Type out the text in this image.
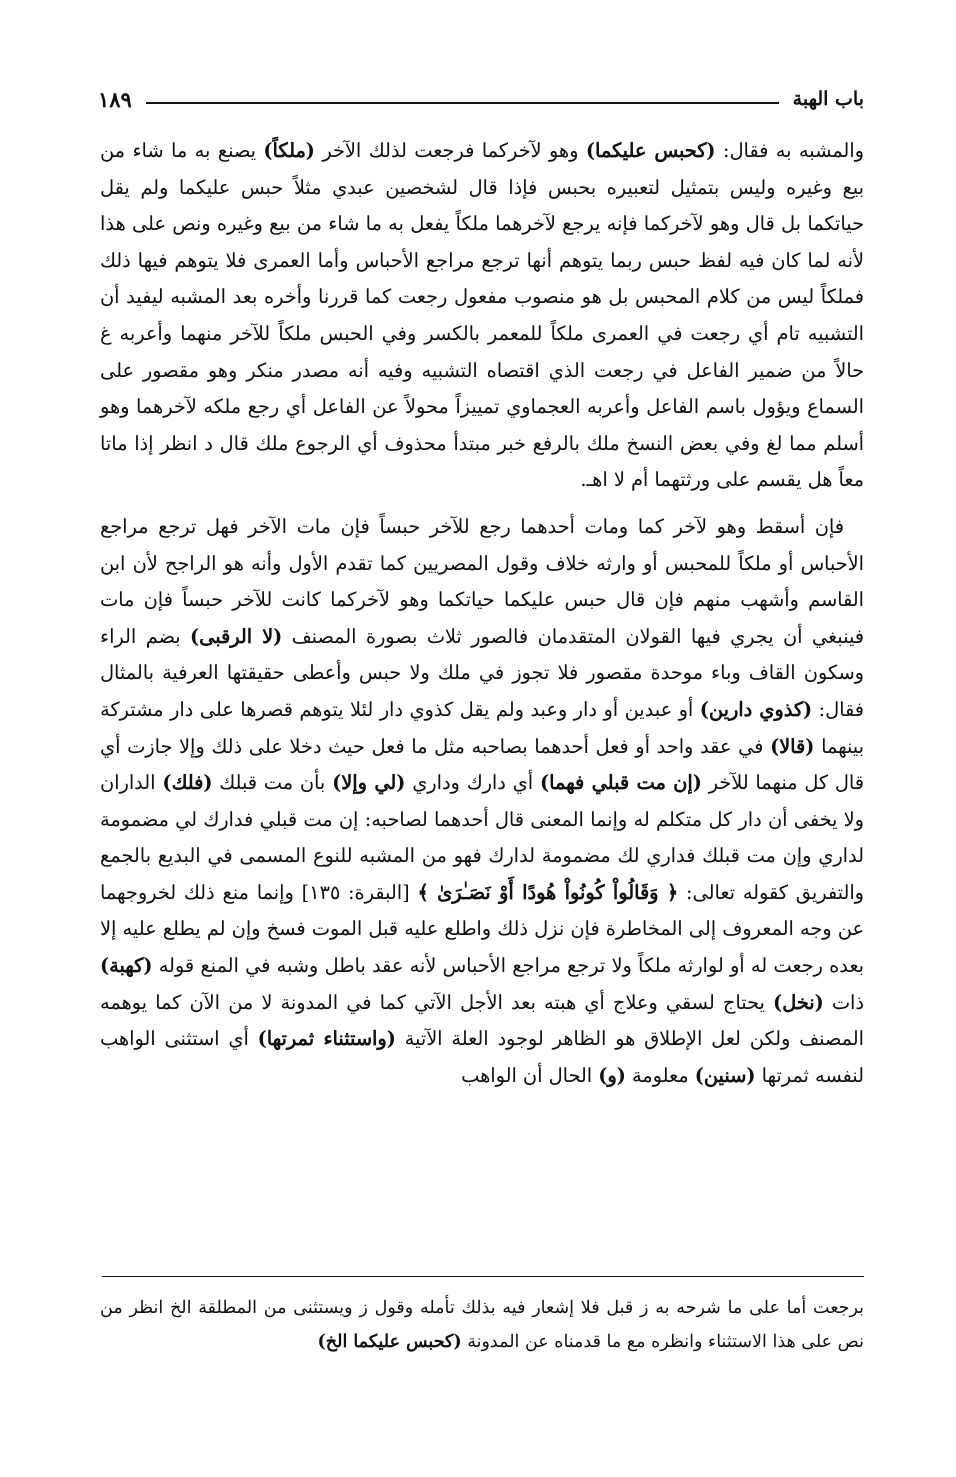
باب الهبة
١٨٩

والمشبه به فقال: (كحبس عليكما) وهو لآخركما فرجعت لذلك الآخر (ملكاً) يصنع به ما شاء من بيع وغيره وليس بتمثيل لتعبيره بحبس فإذا قال لشخصين عبدي مثلاً حبس عليكما ولم يقل حياتكما بل قال وهو لآخركما فإنه يرجع لآخرهما ملكاً يفعل به ما شاء من بيع وغيره ونص على هذا لأنه لما كان فيه لفظ حبس ربما يتوهم أنها ترجع مراجع الأحباس وأما العمرى فلا يتوهم فيها ذلك فملكاً ليس من كلام المحبس بل هو منصوب مفعول رجعت كما قررنا وأخره بعد المشبه ليفيد أن التشبيه تام أي رجعت في العمرى ملكاً للمعمر بالكسر وفي الحبس ملكاً للآخر منهما وأعربه غ حالاً من ضمير الفاعل في رجعت الذي اقتصاه التشبيه وفيه أنه مصدر منكر وهو مقصور على السماع ويؤول باسم الفاعل وأعربه العجماوي تمييزاً محولاً عن الفاعل أي رجع ملكه لآخرهما وهو أسلم مما لغ وفي بعض النسخ ملك بالرفع خبر مبتدأ محذوف أي الرجوع ملك قال د انظر إذا ماتا معاً هل يقسم على ورثتهما أم لا اهـ.

فإن أسقط وهو لآخر كما ومات أحدهما رجع للآخر حبساً فإن مات الآخر فهل ترجع مراجع الأحباس أو ملكاً للمحبس أو وارثه خلاف وقول المصريين كما تقدم الأول وأنه هو الراجح لأن ابن القاسم وأشهب منهم فإن قال حبس عليكما حياتكما وهو لآخركما كانت للآخر حبساً فإن مات فينبغي أن يجري فيها القولان المتقدمان فالصور ثلاث بصورة المصنف (لا الرقبى) بضم الراء وسكون القاف وباء موحدة مقصور فلا تجوز في ملك ولا حبس وأعطى حقيقتها العرفية بالمثال فقال: (كذوي دارين) أو عبدين أو دار وعبد ولم يقل كذوي دار لئلا يتوهم قصرها على دار مشتركة بينهما (قالا) في عقد واحد أو فعل أحدهما بصاحبه مثل ما فعل حيث دخلا على ذلك وإلا جازت أي قال كل منهما للآخر (إن مت قبلي فهما) أي دارك وداري (لي وإلا) بأن مت قبلك (فلك) الداران ولا يخفى أن دار كل متكلم له وإنما المعنى قال أحدهما لصاحبه: إن مت قبلي فدارك لي مضمومة لداري وإن مت قبلك فداري لك مضمومة لدارك فهو من المشبه للنوع المسمى في البديع بالجمع والتفريق كقوله تعالى: ﴿ وَقَالُواْ كُونُواْ هُودًا أَوْ نَصَـٰرَىٰ ﴾ [البقرة: ١٣٥] وإنما منع ذلك لخروجهما عن وجه المعروف إلى المخاطرة فإن نزل ذلك واطلع عليه قبل الموت فسخ وإن لم يطلع عليه إلا بعده رجعت له أو لوارثه ملكاً ولا ترجع مراجع الأحباس لأنه عقد باطل وشبه في المنع قوله (كهبة) ذات (نخل) يحتاج لسقي وعلاج أي هبته بعد الأجل الآتي كما في المدونة لا من الآن كما يوهمه المصنف ولكن لعل الإطلاق هو الظاهر لوجود العلة الآتية (واستثناء ثمرتها) أي استثنى الواهب لنفسه ثمرتها (سنين) معلومة (و) الحال أن الواهب

برجعت أما على ما شرحه به ز قبل فلا إشعار فيه بذلك تأمله وقول ز ويستثنى من المطلقة الخ انظر من نص على هذا الاستثناء وانظره مع ما قدمناه عن المدونة (كحبس عليكما الخ)
